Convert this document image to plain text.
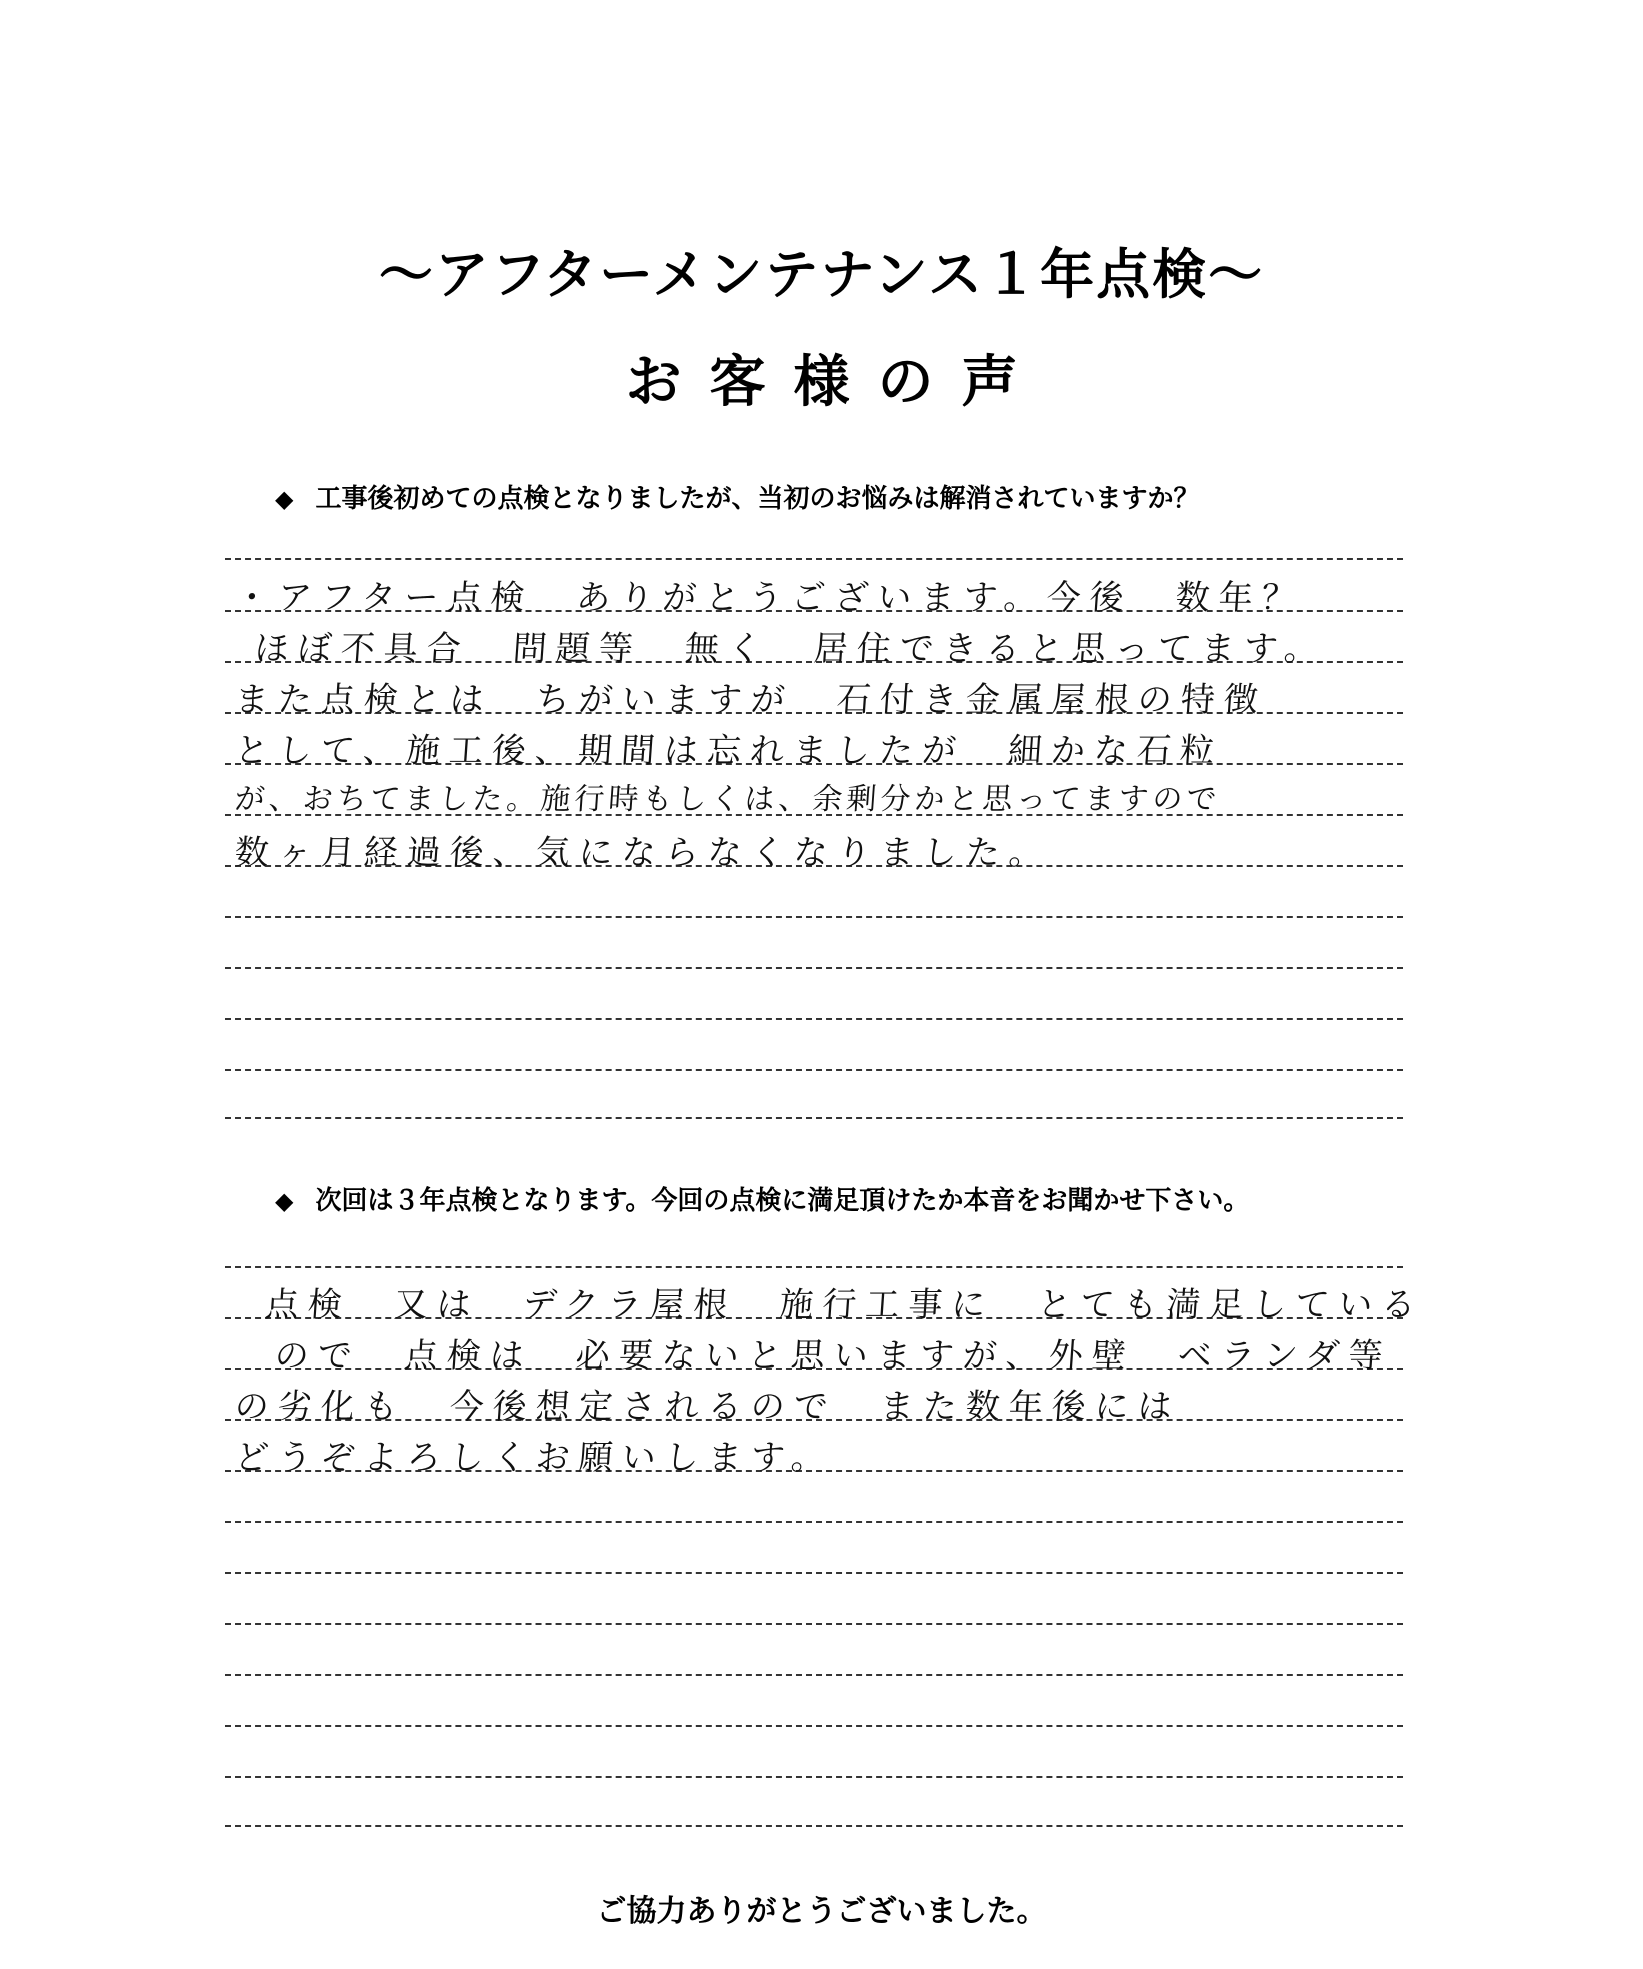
〜アフターメンテナンス１年点検〜
お客様の声
◆ 工事後初めての点検となりましたが、当初のお悩みは解消されていますか？
・アフター点検　ありがとうございます。今後　数年？
ほぼ不具合　問題等　無く　居住できると思ってます。
また点検とは　ちがいますが　石付き金属屋根の特徴
として、施工後、期間は忘れましたが　細かな石粒
が、おちてました。施行時もしくは、余剰分かと思ってますので
数ヶ月経過後、気にならなくなりました。
◆ 次回は３年点検となります。今回の点検に満足頂けたか本音をお聞かせ下さい。
点検　又は　デクラ屋根　施行工事に　とても満足している
ので　点検は　必要ないと思いますが、外壁　ベランダ等
の劣化も　今後想定されるので　また数年後には
どうぞよろしくお願いします。
ご協力ありがとうございました。
